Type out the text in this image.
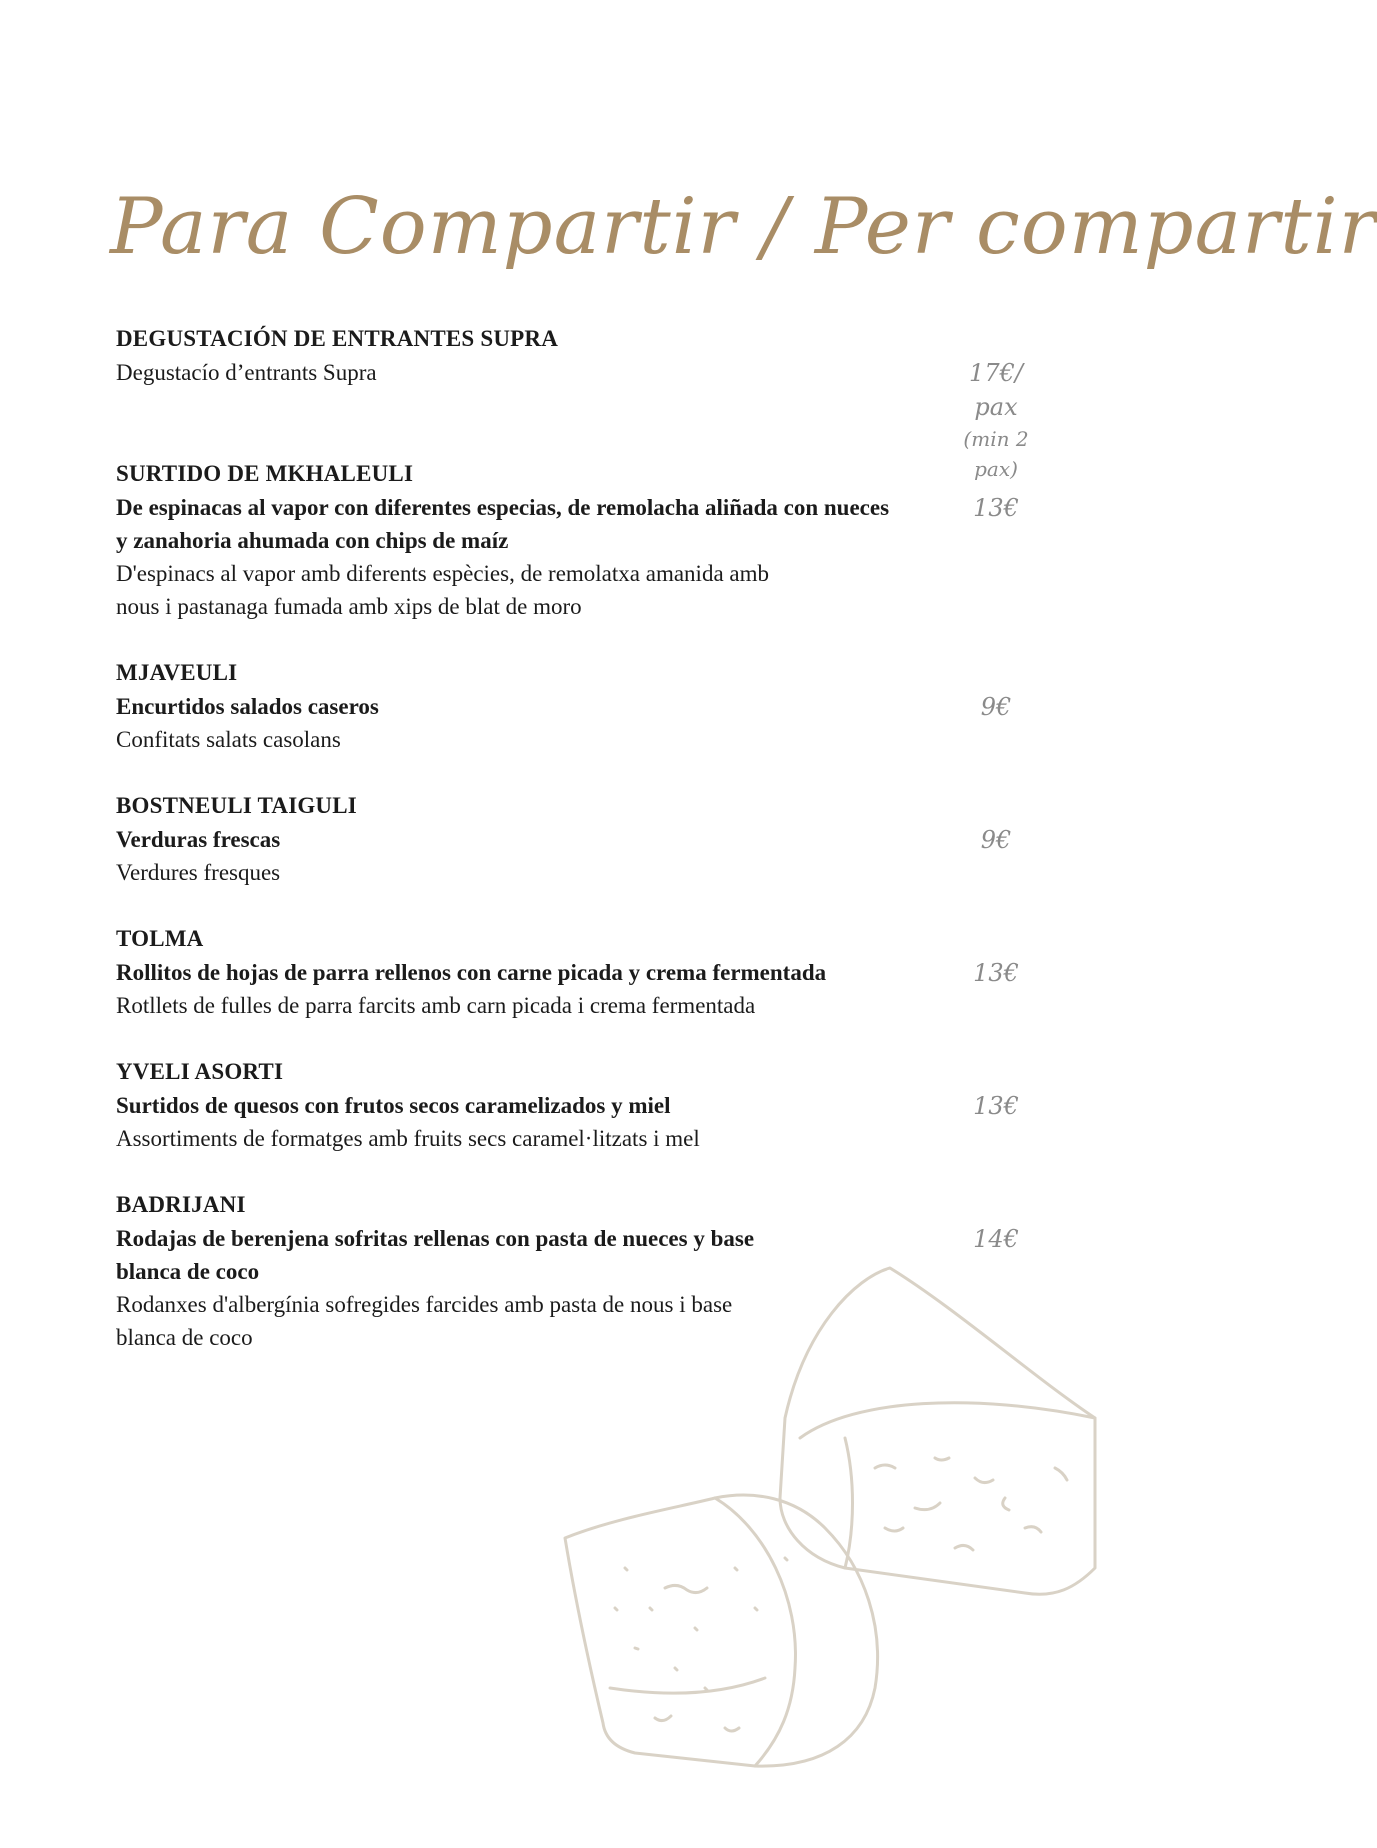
Para Compartir / Per compartir
DEGUSTACIÓN DE ENTRANTES SUPRA
Degustacío d’entrants Supra	17€/ pax
(min 2 pax)
SURTIDO DE MKHALEULI
De espinacas al vapor con diferentes especias, de remolacha aliñada con nueces y zanahoria ahumada con chips de maíz
D'espinacs al vapor amb diferents espècies, de remolatxa amanida amb nous i pastanaga fumada amb xips de blat de moro
13€
MJAVEULI
Encurtidos salados caseros
Confitats salats casolans
9€
BOSTNEULI TAIGULI
Verduras frescas
Verdures fresques
9€
TOLMA
Rollitos de hojas de parra rellenos con carne picada y crema fermentada
Rotllets de fulles de parra farcits amb carn picada i crema fermentada
13€
YVELI ASORTI
Surtidos de quesos con frutos secos caramelizados y miel
Assortiments de formatges amb fruits secs caramel·litzats i mel
13€
BADRIJANI
Rodajas de berenjena sofritas rellenas con pasta de nueces y base blanca de coco
Rodanxes d'albergínia sofregides farcides amb pasta de nous i base blanca de coco
14€
